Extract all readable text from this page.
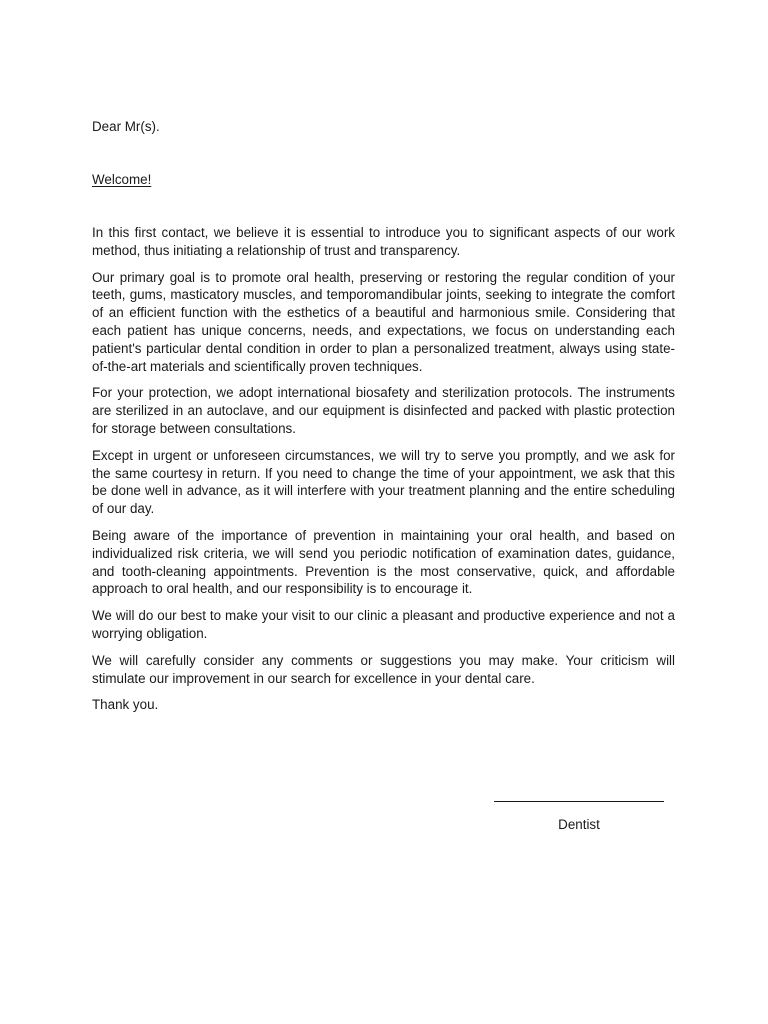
Dear Mr(s).

Welcome!

In this first contact, we believe it is essential to introduce you to significant aspects of our work method, thus initiating a relationship of trust and transparency.

Our primary goal is to promote oral health, preserving or restoring the regular condition of your teeth, gums, masticatory muscles, and temporomandibular joints, seeking to integrate the comfort of an efficient function with the esthetics of a beautiful and harmonious smile. Considering that each patient has unique concerns, needs, and expectations, we focus on understanding each patient's particular dental condition in order to plan a personalized treatment, always using state-of-the-art materials and scientifically proven techniques.

For your protection, we adopt international biosafety and sterilization protocols. The instruments are sterilized in an autoclave, and our equipment is disinfected and packed with plastic protection for storage between consultations.

Except in urgent or unforeseen circumstances, we will try to serve you promptly, and we ask for the same courtesy in return. If you need to change the time of your appointment, we ask that this be done well in advance, as it will interfere with your treatment planning and the entire scheduling of our day.

Being aware of the importance of prevention in maintaining your oral health, and based on individualized risk criteria, we will send you periodic notification of examination dates, guidance, and tooth-cleaning appointments. Prevention is the most conservative, quick, and affordable approach to oral health, and our responsibility is to encourage it.

We will do our best to make your visit to our clinic a pleasant and productive experience and not a worrying obligation.

We will carefully consider any comments or suggestions you may make. Your criticism will stimulate our improvement in our search for excellence in your dental care.

Thank you.

Dentist
